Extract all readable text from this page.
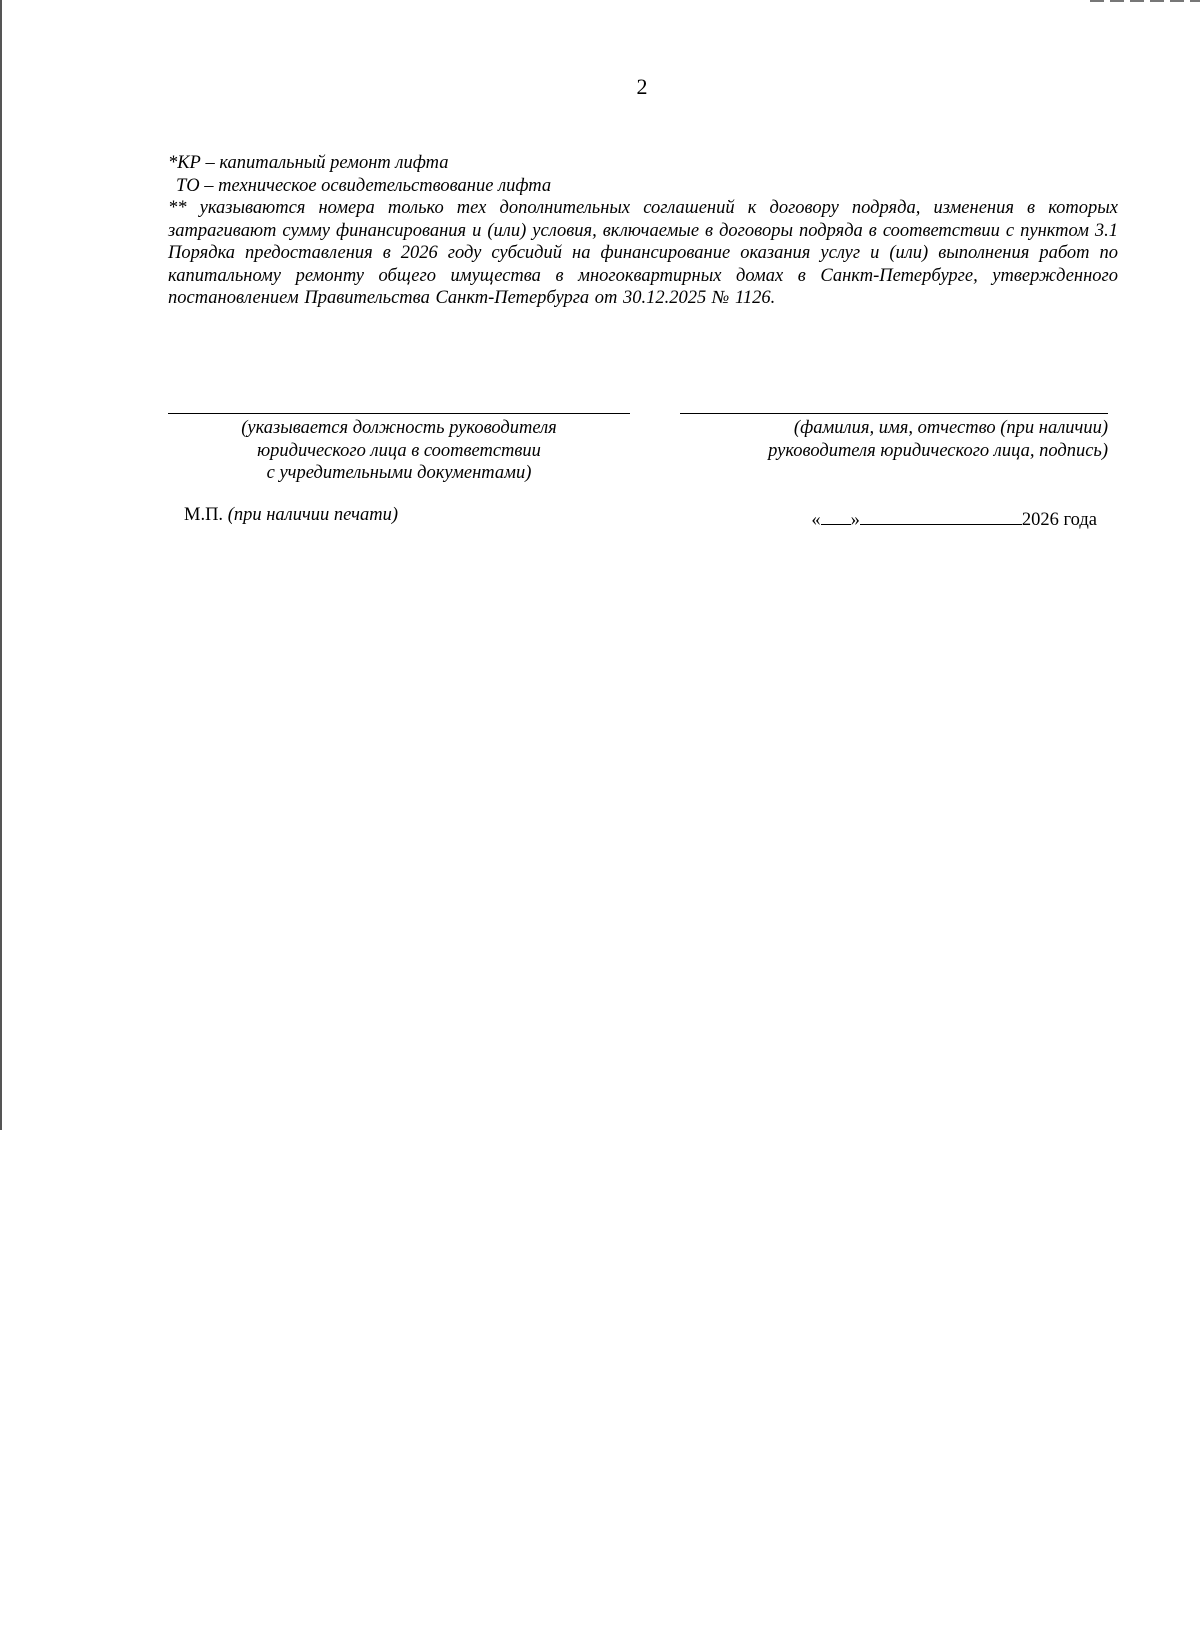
2

*КР – капитальный ремонт лифта

ТО – техническое освидетельствование лифта

** указываются номера только тех дополнительных соглашений к договору подряда, изменения в которых затрагивают сумму финансирования и (или) условия, включаемые в договоры подряда в соответствии с пунктом 3.1 Порядка предоставления в 2026 году субсидий на финансирование оказания услуг и (или) выполнения работ по капитальному ремонту общего имущества в многоквартирных домах в Санкт-Петербурге, утвержденного постановлением Правительства Санкт-Петербурга от 30.12.2025 № 1126.

(указывается должность руководителя

юридического лица в соответствии

с учредительными документами)

(фамилия, имя, отчество (при наличии)

руководителя юридического лица, подпись)

М.П. (при наличии печати)	« »	2026 года
